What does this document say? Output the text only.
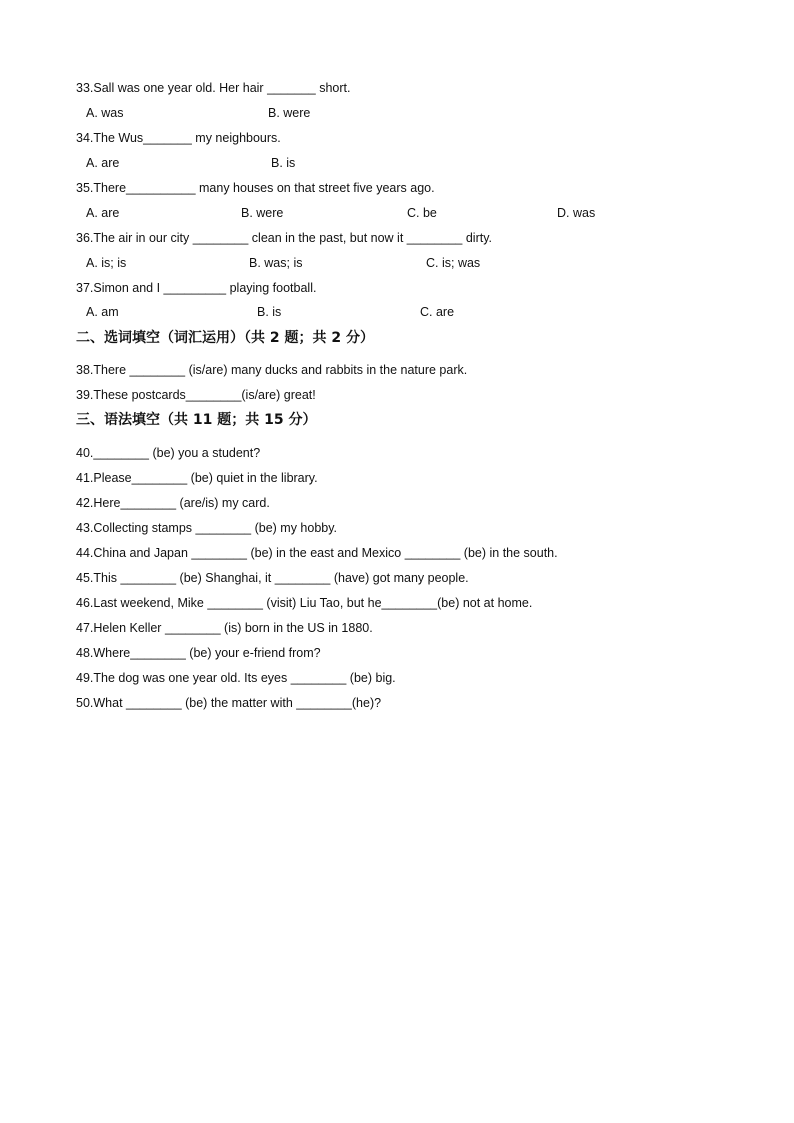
33.Sall was one year old. Her hair _______ short.
A. was	B. were
34.The Wus_______ my neighbours.
A. are	B. is
35.There__________ many houses on that street five years ago.
A. are	B. were	C. be	D. was
36.The air in our city ________ clean in the past, but now it ________ dirty.
A. is; is	B. was; is	C. is; was
37.Simon and I _________ playing football.
A. am	B. is	C. are
二、选词填空（词汇运用）（共 2 题；共 2 分）
38.There ________ (is/are) many ducks and rabbits in the nature park.
39.These postcards________(is/are) great!
三、语法填空（共 11 题；共 15 分）
40.________ (be) you a student?
41.Please________ (be) quiet in the library.
42.Here________ (are/is) my card.
43.Collecting stamps ________ (be) my hobby.
44.China and Japan ________ (be) in the east and Mexico ________ (be) in the south.
45.This ________ (be) Shanghai, it ________ (have) got many people.
46.Last weekend, Mike ________ (visit) Liu Tao, but he________(be) not at home.
47.Helen Keller ________ (is) born in the US in 1880.
48.Where________ (be) your e-friend from?
49.The dog was one year old. Its eyes ________ (be) big.
50.What ________ (be) the matter with ________(he)?
